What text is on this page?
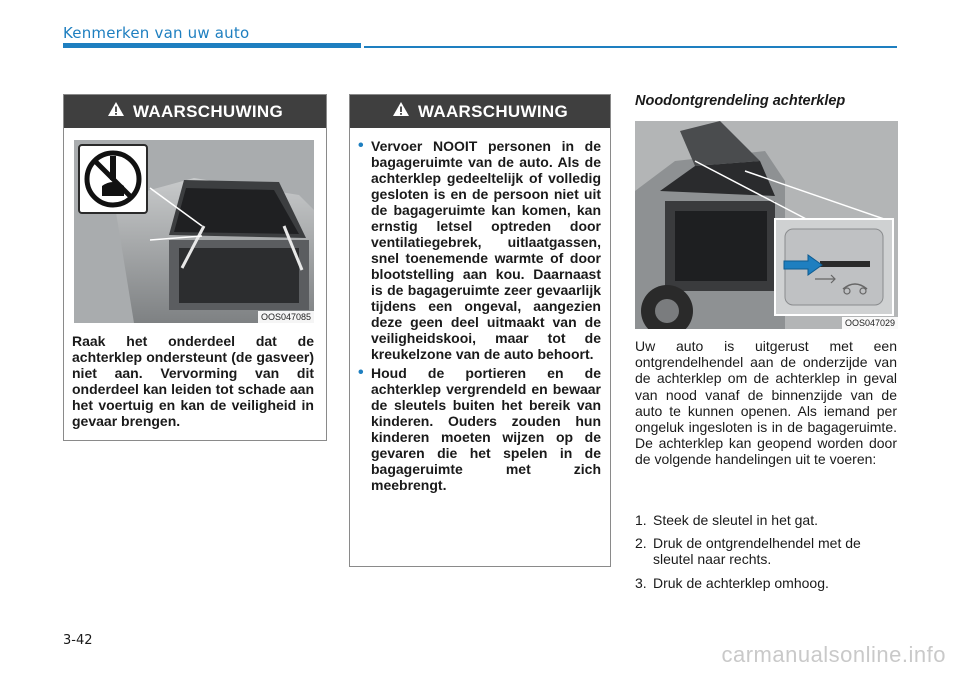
Kenmerken van uw auto
WAARSCHUWING
OOS047085
Raak het onderdeel dat de achterklep ondersteunt (de gasveer) niet aan. Vervorming van dit onderdeel kan leiden tot schade aan het voertuig en kan de veiligheid in gevaar brengen.
WAARSCHUWING
• Vervoer NOOIT personen in de bagageruimte van de auto. Als de achterklep gedeeltelijk of volledig gesloten is en de persoon niet uit de bagageruimte kan komen, kan ernstig letsel optreden door ventilatiegebrek, uitlaatgassen, snel toenemende warmte of door blootstelling aan kou. Daarnaast is de bagageruimte zeer gevaarlijk tijdens een ongeval, aangezien deze geen deel uitmaakt van de veiligheidskooi, maar tot de kreukelzone van de auto behoort.
• Houd de portieren en de achterklep vergrendeld en bewaar de sleutels buiten het bereik van kinderen. Ouders zouden hun kinderen moeten wijzen op de gevaren die het spelen in de bagageruimte met zich meebrengt.
Noodontgrendeling achterklep
OOS047029
Uw auto is uitgerust met een ontgrendelhendel aan de onderzijde van de achterklep om de achterklep in geval van nood vanaf de binnenzijde van de auto te kunnen openen. Als iemand per ongeluk ingesloten is in de bagageruimte. De achterklep kan geopend worden door de volgende handelingen uit te voeren:
1. Steek de sleutel in het gat.
2. Druk de ontgrendelhendel met de sleutel naar rechts.
3. Druk de achterklep omhoog.
3-42
carmanualsonline.info
